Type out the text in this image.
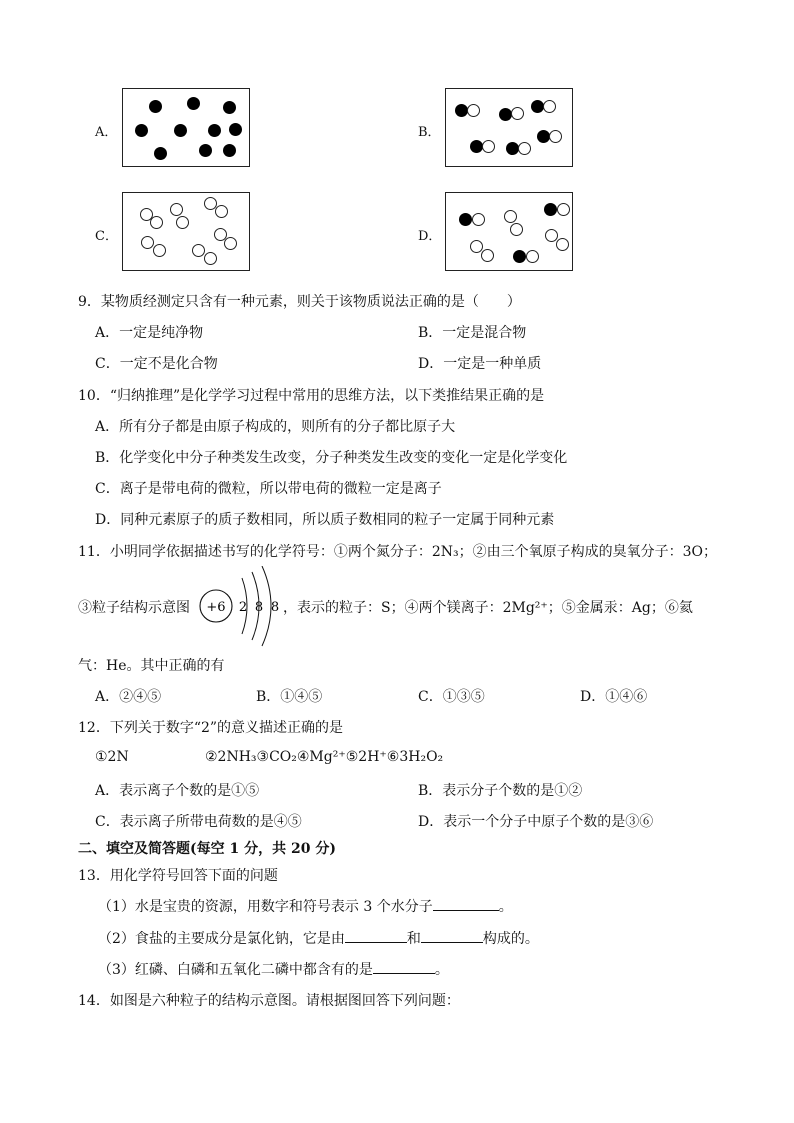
A．	B．
C．	D．
9．某物质经测定只含有一种元素，则关于该物质说法正确的是（　　）
A．一定是纯净物	B．一定是混合物
C．一定不是化合物	D．一定是一种单质
10．“归纳推理”是化学学习过程中常用的思维方法，以下类推结果正确的是
A．所有分子都是由原子构成的，则所有的分子都比原子大
B．化学变化中分子种类发生改变，分子种类发生改变的变化一定是化学变化
C．离子是带电荷的微粒，所以带电荷的微粒一定是离子
D．同种元素原子的质子数相同，所以质子数相同的粒子一定属于同种元素
11．小明同学依据描述书写的化学符号：①两个氮分子：2N₃；②由三个氧原子构成的臭氧分子：3O；
③粒子结构示意图 +6 2 8 8 ，表示的粒子：S；④两个镁离子：2Mg²⁺；⑤金属汞：Ag；⑥氦
气：He。其中正确的有
A．②④⑤	B．①④⑤	C．①③⑤	D．①④⑥
12．下列关于数字“2”的意义描述正确的是
①2N	②2NH₃③CO₂④Mg²⁺⑤2H⁺⑥3H₂O₂
A．表示离子个数的是①⑤	B．表示分子个数的是①②
C．表示离子所带电荷数的是④⑤	D．表示一个分子中原子个数的是③⑥
二、填空及简答题(每空 1 分，共 20 分)
13．用化学符号回答下面的问题
（1）水是宝贵的资源，用数字和符号表示 3 个水分子	。
（2）食盐的主要成分是氯化钠，它是由	和	构成的。
（3）红磷、白磷和五氧化二磷中都含有的是	。
14．如图是六种粒子的结构示意图。请根据图回答下列问题：
